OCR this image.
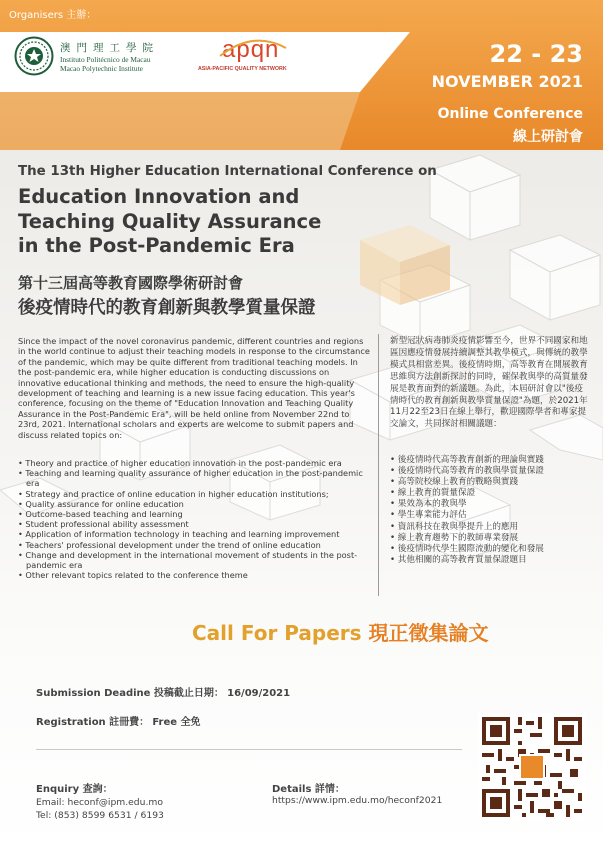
Organisers 主辦：
澳門理工學院
Instituto Politécnico de Macau
Macao Polytechnic Institute
apqn
ASIA-PACIFIC QUALITY NETWORK
22 - 23
NOVEMBER 2021
Online Conference
線上研討會
The 13th Higher Education International Conference on
Education Innovation and
Teaching Quality Assurance
in the Post-Pandemic Era
第十三屆高等教育國際學術研討會
後疫情時代的教育創新與教學質量保證
Since the impact of the novel coronavirus pandemic, different countries and regions in the world continue to adjust their teaching models in response to the circumstance of the pandemic, which may be quite different from traditional teaching models. In the post-pandemic era, while higher education is conducting discussions on innovative educational thinking and methods, the need to ensure the high-quality development of teaching and learning is a new issue facing education. This year's conference, focusing on the theme of "Education Innovation and Teaching Quality Assurance in the Post-Pandemic Era", will be held online from November 22nd to 23rd, 2021. International scholars and experts are welcome to submit papers and discuss related topics on:
• Theory and practice of higher education innovation in the post-pandemic era
• Teaching and learning quality assurance of higher education in the post-pandemic era
• Strategy and practice of online education in higher education institutions;
• Quality assurance for online education
• Outcome-based teaching and learning
• Student professional ability assessment
• Application of information technology in teaching and learning improvement
• Teachers' professional development under the trend of online education
• Change and development in the international movement of students in the post-pandemic era
• Other relevant topics related to the conference theme
新型冠狀病毒肺炎疫情影響至今，世界不同國家和地區因應疫情發展持續調整其教學模式，與傳統的教學模式具相當差異。後疫情時期，高等教育在開展教育思維與方法創新探討的同時，確保教與學的高質量發展是教育面對的新議題。為此，本屆研討會以"後疫情時代的教育創新與教學質量保證"為題，於2021年11月22至23日在線上舉行，歡迎國際學者和專家提交論文，共同探討相關議題：
• 後疫情時代高等教育創新的理論與實踐
• 後疫情時代高等教育的教與學質量保證
• 高等院校線上教育的戰略與實踐
• 線上教育的質量保證
• 果效為本的教與學
• 學生專業能力評估
• 資訊科技在教與學提升上的應用
• 線上教育趨勢下的教師專業發展
• 後疫情時代學生國際流動的變化和發展
• 其他相關的高等教育質量保證題目
Call For Papers 現正徵集論文
Submission Deadine 投稿截止日期： 16/09/2021
Registration 註冊費： Free 全免
Enquiry 查詢：
Email: heconf@ipm.edu.mo
Tel: (853) 8599 6531 / 6193
Details 詳情：
https://www.ipm.edu.mo/heconf2021
